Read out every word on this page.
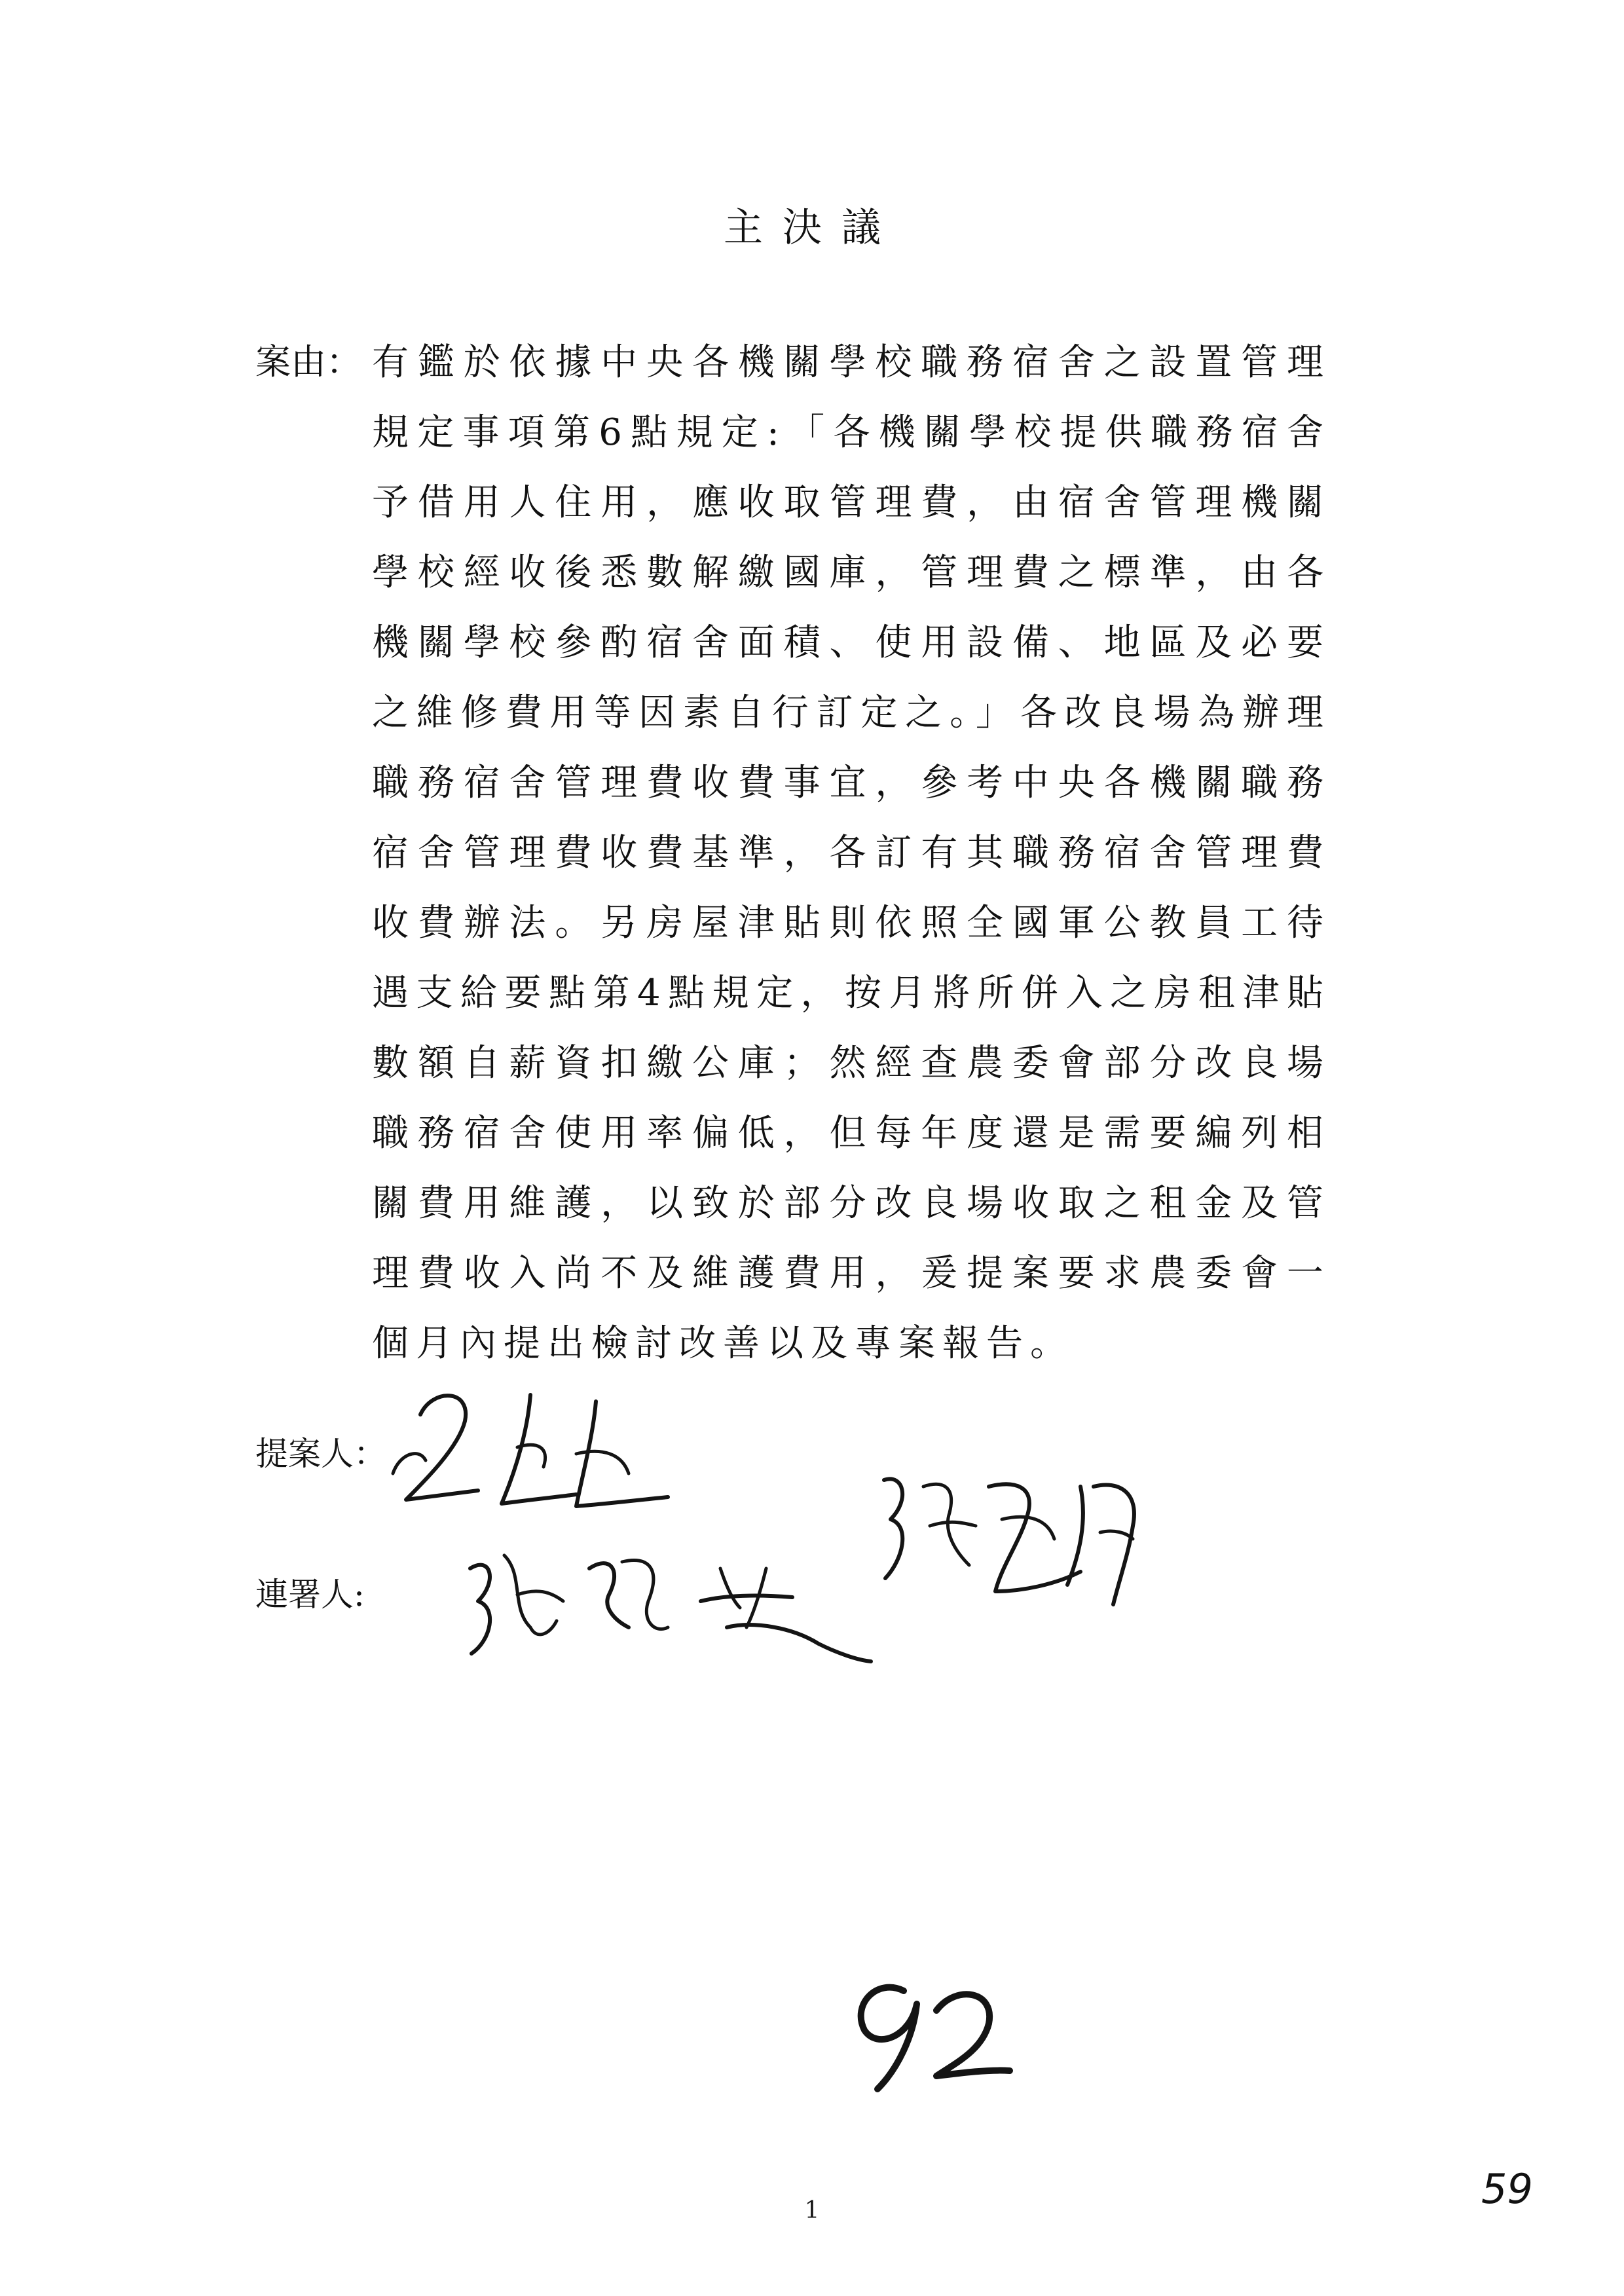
主決議
案由： 有鑑於依據中央各機關學校職務宿舍之設置管理規定事項第6點規定:「各機關學校提供職務宿舍予借用人住用，應收取管理費，由宿舍管理機關學校經收後悉數解繳國庫，管理費之標準，由各機關學校參酌宿舍面積、使用設備、地區及必要之維修費用等因素自行訂定之。」各改良場為辦理職務宿舍管理費收費事宜，參考中央各機關職務宿舍管理費收費基準，各訂有其職務宿舍管理費收費辦法。另房屋津貼則依照全國軍公教員工待遇支給要點第4點規定，按月將所併入之房租津貼數額自薪資扣繳公庫；然經查農委會部分改良場職務宿舍使用率偏低，但每年度還是需要編列相關費用維護，以致於部分改良場收取之租金及管理費收入尚不及維護費用，爰提案要求農委會一個月內提出檢討改善以及專案報告。

提案人：
連署人:
1	59
